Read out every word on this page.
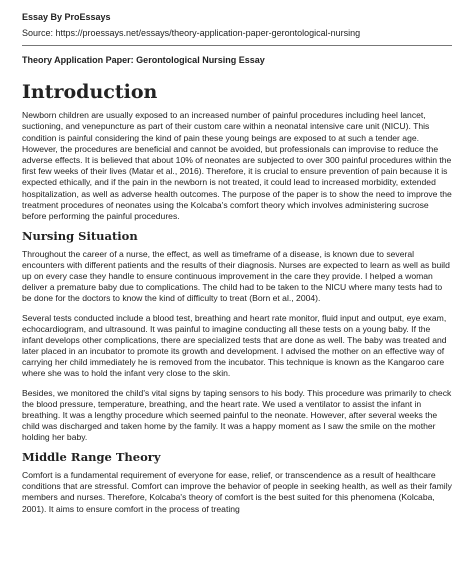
Essay By ProEssays
Source: https://proessays.net/essays/theory-application-paper-gerontological-nursing
Theory Application Paper: Gerontological Nursing Essay
Introduction

Newborn children are usually exposed to an increased number of painful procedures including heel lancet, suctioning, and venepuncture as part of their custom care within a neonatal intensive care unit (NICU). This condition is painful considering the kind of pain these young beings are exposed to at such a tender age. However, the procedures are beneficial and cannot be avoided, but professionals can improvise to reduce the adverse effects. It is believed that about 10% of neonates are subjected to over 300 painful procedures within the first few weeks of their lives (Matar et al., 2016). Therefore, it is crucial to ensure prevention of pain because it is expected ethically, and if the pain in the newborn is not treated, it could lead to increased morbidity, extended hospitalization, as well as adverse health outcomes. The purpose of the paper is to show the need to improve the treatment procedures of neonates using the Kolcaba's comfort theory which involves administering sucrose before performing the painful procedures.

Nursing Situation

Throughout the career of a nurse, the effect, as well as timeframe of a disease, is known due to several encounters with different patients and the results of their diagnosis. Nurses are expected to learn as well as build up on every case they handle to ensure continuous improvement in the care they provide. I helped a woman deliver a premature baby due to complications. The child had to be taken to the NICU where many tests had to be done for the doctors to know the kind of difficulty to treat (Born et al., 2004).

Several tests conducted include a blood test, breathing and heart rate monitor, fluid input and output, eye exam, echocardiogram, and ultrasound. It was painful to imagine conducting all these tests on a young baby. If the infant develops other complications, there are specialized tests that are done as well. The baby was treated and later placed in an incubator to promote its growth and development. I advised the mother on an effective way of carrying her child immediately he is removed from the incubator. This technique is known as the Kangaroo care where she was to hold the infant very close to the skin.

Besides, we monitored the child's vital signs by taping sensors to his body. This procedure was primarily to check the blood pressure, temperature, breathing, and the heart rate. We used a ventilator to assist the infant in breathing. It was a lengthy procedure which seemed painful to the neonate. However, after several weeks the child was discharged and taken home by the family. It was a happy moment as I saw the smile on the mother holding her baby.

Middle Range Theory

Comfort is a fundamental requirement of everyone for ease, relief, or transcendence as a result of healthcare conditions that are stressful. Comfort can improve the behavior of people in seeking health, as well as their family members and nurses. Therefore, Kolcaba's theory of comfort is the best suited for this phenomena (Kolcaba, 2001). It aims to ensure comfort in the process of treating
